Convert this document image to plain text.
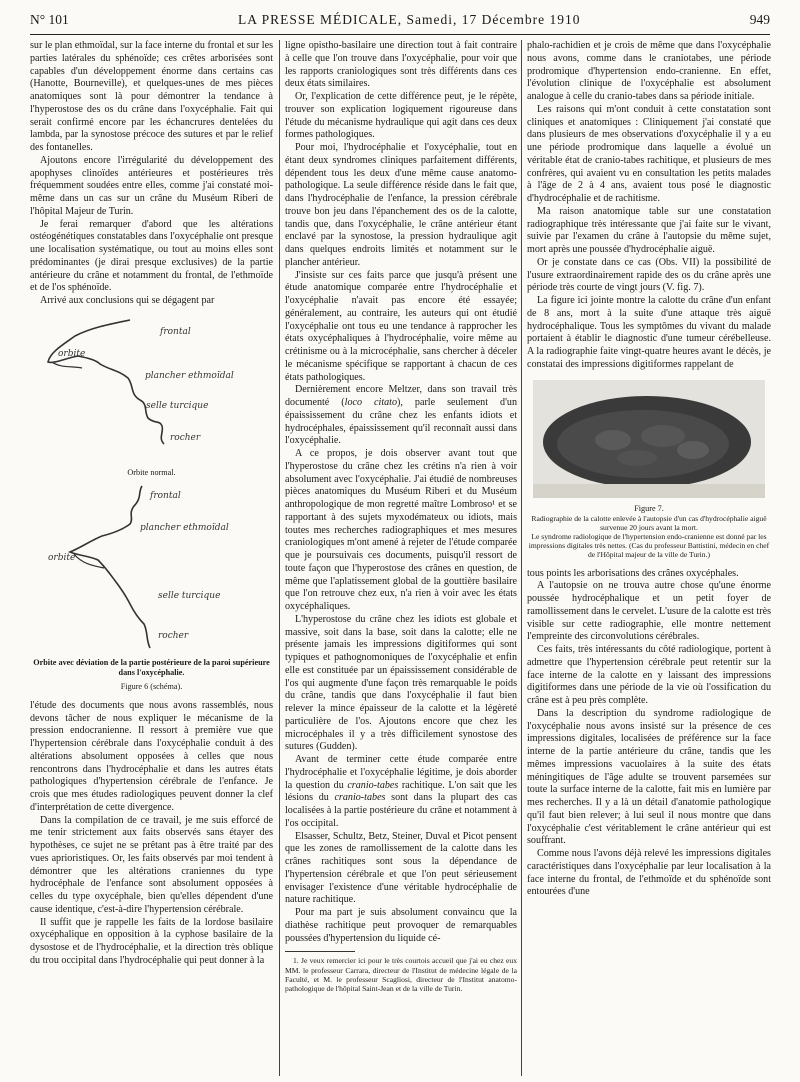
N° 101	LA PRESSE MÉDICALE, Samedi, 17 Décembre 1910	949

sur le plan ethmoïdal, sur la face interne du frontal et sur les parties latérales du sphénoïde; ces crêtes arborisées sont capables d'un développement énorme dans certains cas (Hanotte, Bourneville), et quelques-unes de mes pièces anatomiques sont là pour démontrer la tendance à l'hyperostose des os du crâne dans l'oxycéphalie. Fait qui serait confirmé encore par les échancrures dentelées du lambda, par la synostose précoce des sutures et par le relief des fontanelles.

Ajoutons encore l'irrégularité du développement des apophyses clinoïdes antérieures et postérieures très fréquemment soudées entre elles, comme j'ai constaté moi-même dans un cas sur un crâne du Muséum Riberi de l'hôpital Majeur de Turin.

Je ferai remarquer d'abord que les altérations ostéogénétiques constatables dans l'oxycéphalie ont presque une localisation systématique, ou tout au moins elles sont prédominantes (je dirai presque exclusives) de la partie antérieure du crâne et notamment du frontal, de l'ethmoïde et de l'os sphénoïde.

Arrivé aux conclusions qui se dégagent par

frontal
orbite
plancher ethmoïdal
selle turcique
rocher
Orbite normal.
frontal
plancher ethmoïdal
orbite
selle turcique
rocher
Orbite avec déviation de la partie postérieure de la paroi supérieure dans l'oxycéphalie.
Figure 6 (schéma).

l'étude des documents que nous avons rassemblés, nous devons tâcher de nous expliquer le mécanisme de la pression endocranienne. Il ressort à première vue que l'hypertension cérébrale dans l'oxycéphalie conduit à des altérations absolument opposées à celles que nous rencontrons dans l'hydrocéphalie et dans les autres états pathologiques d'hypertension cérébrale de l'enfance. Je crois que mes études radiologiques peuvent donner la clef d'interprétation de cette divergence.

Dans la compilation de ce travail, je me suis efforcé de me tenir strictement aux faits observés sans étayer des hypothèses, ce sujet ne se prêtant pas à être traité par des vues aprioristiques. Or, les faits observés par moi tendent à démontrer que les altérations craniennes du type hydrocéphale de l'enfance sont absolument opposées à celles du type oxycéphale, bien qu'elles dépendent d'une cause identique, c'est-à-dire l'hypertension cérébrale.

Il suffit que je rappelle les faits de la lordose basilaire oxycéphalique en opposition à la cyphose basilaire de la dysostose et de l'hydrocéphalie, et la direction très oblique du trou occipital dans l'hydrocéphalie qui peut donner à la

ligne opistho-basilaire une direction tout à fait contraire à celle que l'on trouve dans l'oxycéphalie, pour voir que les rapports craniologiques sont très différents dans ces deux états similaires.

Or, l'explication de cette différence peut, je le répète, trouver son explication logiquement rigoureuse dans l'étude du mécanisme hydraulique qui agit dans ces deux formes pathologiques.

Pour moi, l'hydrocéphalie et l'oxycéphalie, tout en étant deux syndromes cliniques parfaitement différents, dépendent tous les deux d'une même cause anatomo-pathologique. La seule différence réside dans le fait que, dans l'hydrocéphalie de l'enfance, la pression cérébrale trouve bon jeu dans l'épanchement des os de la calotte, tandis que, dans l'oxycéphalie, le crâne antérieur étant enclavé par la synostose, la pression hydraulique agit dans quelques endroits limités et notamment sur le plancher antérieur.

J'insiste sur ces faits parce que jusqu'à présent une étude anatomique comparée entre l'hydrocéphalie et l'oxycéphalie n'avait pas encore été essayée; généralement, au contraire, les auteurs qui ont étudié l'oxycéphalie ont tous eu une tendance à rapprocher les états oxycéphaliques à l'hydrocéphalie, voire même au crétinisme ou à la microcéphalie, sans chercher à déceler le mécanisme spécifique se rapportant à chacun de ces états pathologiques.

Dernièrement encore Meltzer, dans son travail très documenté (loco citato), parle seulement d'un épaississement du crâne chez les enfants idiots et hydrocéphales, épaississement qu'il reconnaît aussi dans l'oxycéphalie.

A ce propos, je dois observer avant tout que l'hyperostose du crâne chez les crétins n'a rien à voir absolument avec l'oxycéphalie. J'ai étudié de nombreuses pièces anatomiques du Muséum Riberi et du Muséum anthropologique de mon regretté maître Lombroso¹ et se rapportant à des sujets myxodémateux ou idiots, mais toutes mes recherches radiographiques et mes mesures craniologiques m'ont amené à rejeter de l'étude comparée que je poursuivais ces documents, puisqu'il ressort de toute façon que l'hyperostose des crânes en question, de même que l'aplatissement global de la gouttière basilaire que l'on retrouve chez eux, n'a rien à voir avec les états oxycéphaliques.

L'hyperostose du crâne chez les idiots est globale et massive, soit dans la base, soit dans la calotte; elle ne présente jamais les impressions digitiformes qui sont typiques et pathognomoniques de l'oxycéphalie et enfin elle est constituée par un épaississement considérable de l'os qui augmente d'une façon très remarquable le poids du crâne, tandis que dans l'oxycéphalie il faut bien relever la mince épaisseur de la calotte et la légèreté particulière de l'os. Ajoutons encore que chez les microcéphales il y a très difficilement synostose des sutures (Gudden).

Avant de terminer cette étude comparée entre l'hydrocéphalie et l'oxycéphalie légitime, je dois aborder la question du cranio-tabes rachitique. L'on sait que les lésions du cranio-tabes sont dans la plupart des cas localisées à la partie postérieure du crâne et notamment à l'os occipital.

Elsasser, Schultz, Betz, Steiner, Duval et Picot pensent que les zones de ramollissement de la calotte dans les crânes rachitiques sont sous la dépendance de l'hypertension cérébrale et que l'on peut sérieusement envisager l'existence d'une véritable hydrocéphalie de nature rachitique.

Pour ma part je suis absolument convaincu que la diathèse rachitique peut provoquer de remarquables poussées d'hypertension du liquide cé-

1. Je veux remercier ici pour le très courtois accueil que j'ai eu chez eux MM. le professeur Carrara, directeur de l'Institut de médecine légale de la Faculté, et M. le professeur Scagliosi, directeur de l'Institut anatomo-pathologique de l'hôpital Saint-Jean et de la ville de Turin.

phalo-rachidien et je crois de même que dans l'oxycéphalie nous avons, comme dans le craniotabes, une période prodromique d'hypertension endo-cranienne. En effet, l'évolution clinique de l'oxycéphalie est absolument analogue à celle du cranio-tabes dans sa période initiale.

Les raisons qui m'ont conduit à cette constatation sont cliniques et anatomiques : Cliniquement j'ai constaté que dans plusieurs de mes observations d'oxycéphalie il y a eu une période prodromique dans laquelle a évolué un véritable état de cranio-tabes rachitique, et plusieurs de mes confrères, qui avaient vu en consultation les petits malades à l'âge de 2 à 4 ans, avaient tous posé le diagnostic d'hydrocéphalie et de rachitisme.

Ma raison anatomique table sur une constatation radiographique très intéressante que j'ai faite sur le vivant, suivie par l'examen du crâne à l'autopsie du même sujet, mort après une poussée d'hydrocéphalie aiguë.

Or je constate dans ce cas (Obs. VII) la possibilité de l'usure extraordinairement rapide des os du crâne après une période très courte de vingt jours (V. fig. 7).

La figure ici jointe montre la calotte du crâne d'un enfant de 8 ans, mort à la suite d'une attaque très aiguë hydrocéphalique. Tous les symptômes du vivant du malade portaient à établir le diagnostic d'une tumeur cérébelleuse. A la radiographie faite vingt-quatre heures avant le décès, je constatai des impressions digitiformes rappelant de

Figure 7.
Radiographie de la calotte enlevée à l'autopsie d'un cas d'hydrocéphalie aiguë survenue 20 jours avant la mort.
Le syndrome radiologique de l'hypertension endo-cranienne est donné par les impressions digitales très nettes. (Cas du professeur Battistini, médecin en chef de l'Hôpital majeur de la ville de Turin.)

tous points les arborisations des crânes oxycéphales.

A l'autopsie on ne trouva autre chose qu'une énorme poussée hydrocéphalique et un petit foyer de ramollissement dans le cervelet. L'usure de la calotte est très visible sur cette radiographie, elle montre nettement l'empreinte des circonvolutions cérébrales.

Ces faits, très intéressants du côté radiologique, portent à admettre que l'hypertension cérébrale peut retentir sur la face interne de la calotte en y laissant des impressions digitiformes dans une période de la vie où l'ossification du crâne est à peu près complète.

Dans la description du syndrome radiologique de l'oxycéphalie nous avons insisté sur la présence de ces impressions digitales, localisées de préférence sur la face interne de la partie antérieure du crâne, tandis que les mêmes impressions vacuolaires à la suite des états méningitiques de l'âge adulte se trouvent parsemées sur toute la surface interne de la calotte, fait mis en lumière par mes recherches. Il y a là un détail d'anatomie pathologique qu'il faut bien relever; à lui seul il nous montre que dans l'oxycéphalie c'est véritablement le crâne antérieur qui est souffrant.

Comme nous l'avons déjà relevé les impressions digitales caractéristiques dans l'oxycéphalie par leur localisation à la face interne du frontal, de l'ethmoïde et du sphénoïde sont entourées d'une
